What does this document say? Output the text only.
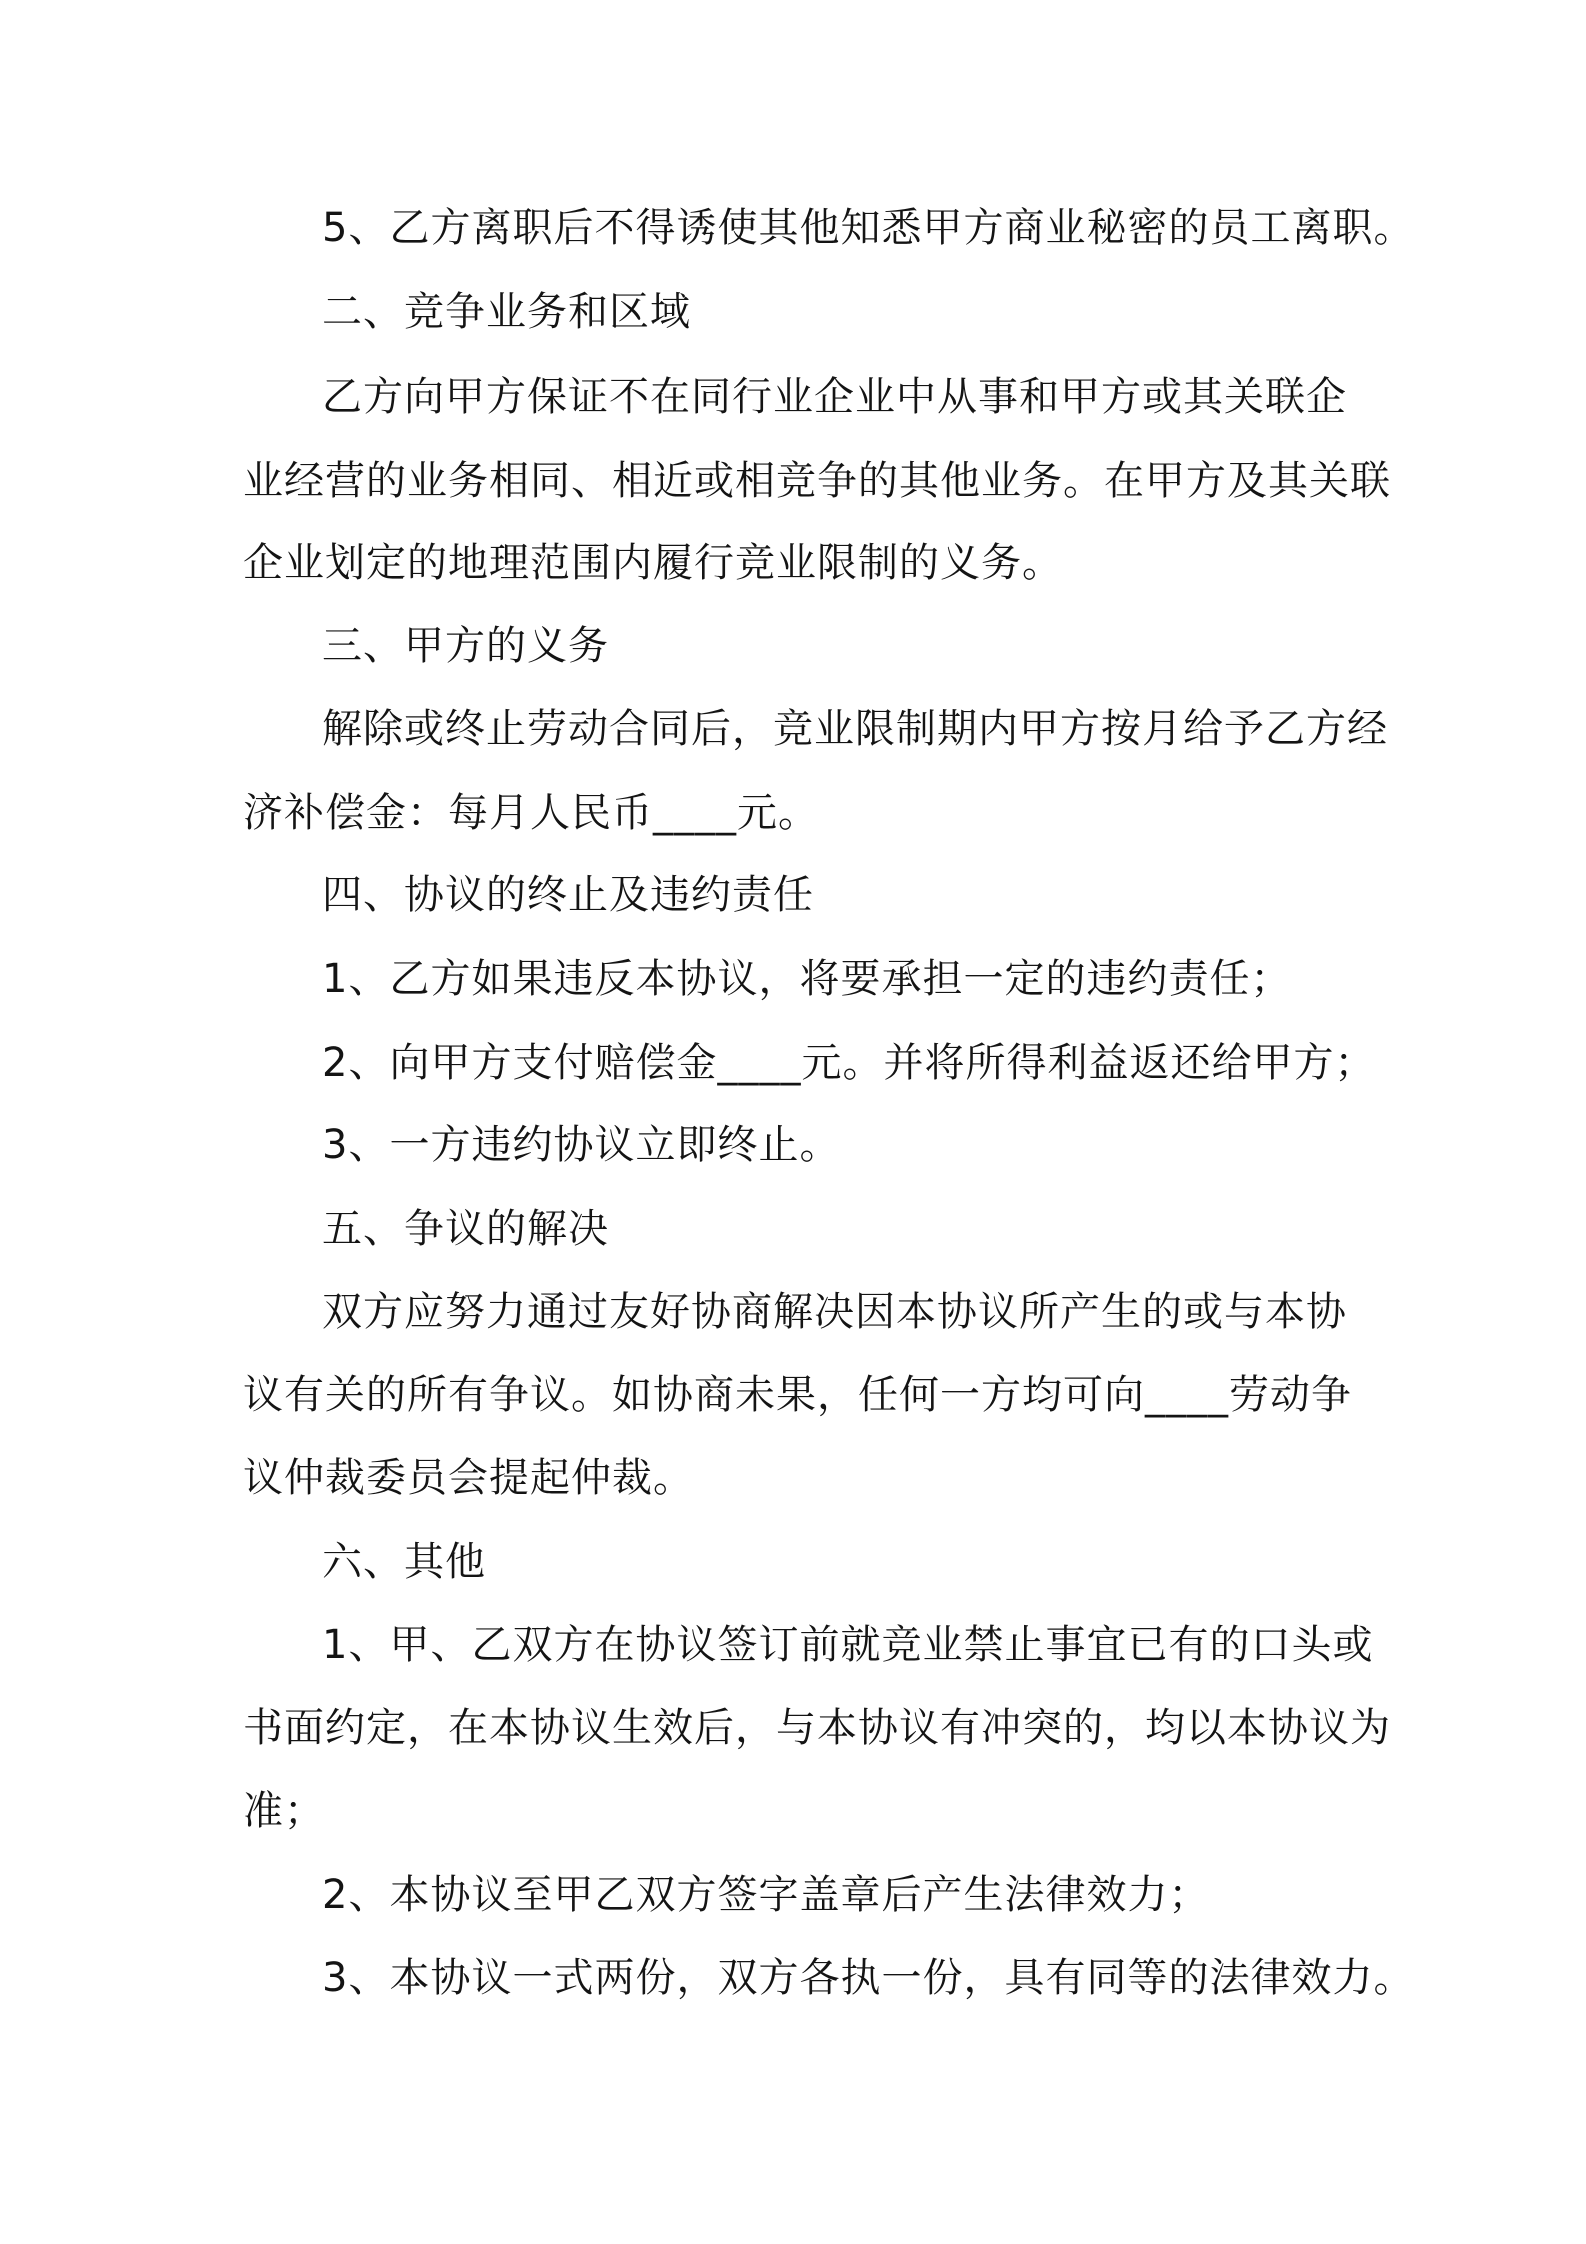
5、乙方离职后不得诱使其他知悉甲方商业秘密的员工离职。
二、竞争业务和区域
乙方向甲方保证不在同行业企业中从事和甲方或其关联企
业经营的业务相同、相近或相竞争的其他业务。在甲方及其关联
企业划定的地理范围内履行竞业限制的义务。
三、甲方的义务
解除或终止劳动合同后，竞业限制期内甲方按月给予乙方经
济补偿金：每月人民币____元。
四、协议的终止及违约责任
1、乙方如果违反本协议，将要承担一定的违约责任；
2、向甲方支付赔偿金____元。并将所得利益返还给甲方；
3、一方违约协议立即终止。
五、争议的解决
双方应努力通过友好协商解决因本协议所产生的或与本协
议有关的所有争议。如协商未果，任何一方均可向____劳动争
议仲裁委员会提起仲裁。
六、其他
1、甲、乙双方在协议签订前就竞业禁止事宜已有的口头或
书面约定，在本协议生效后，与本协议有冲突的，均以本协议为
准；
2、本协议至甲乙双方签字盖章后产生法律效力；
3、本协议一式两份，双方各执一份，具有同等的法律效力。
